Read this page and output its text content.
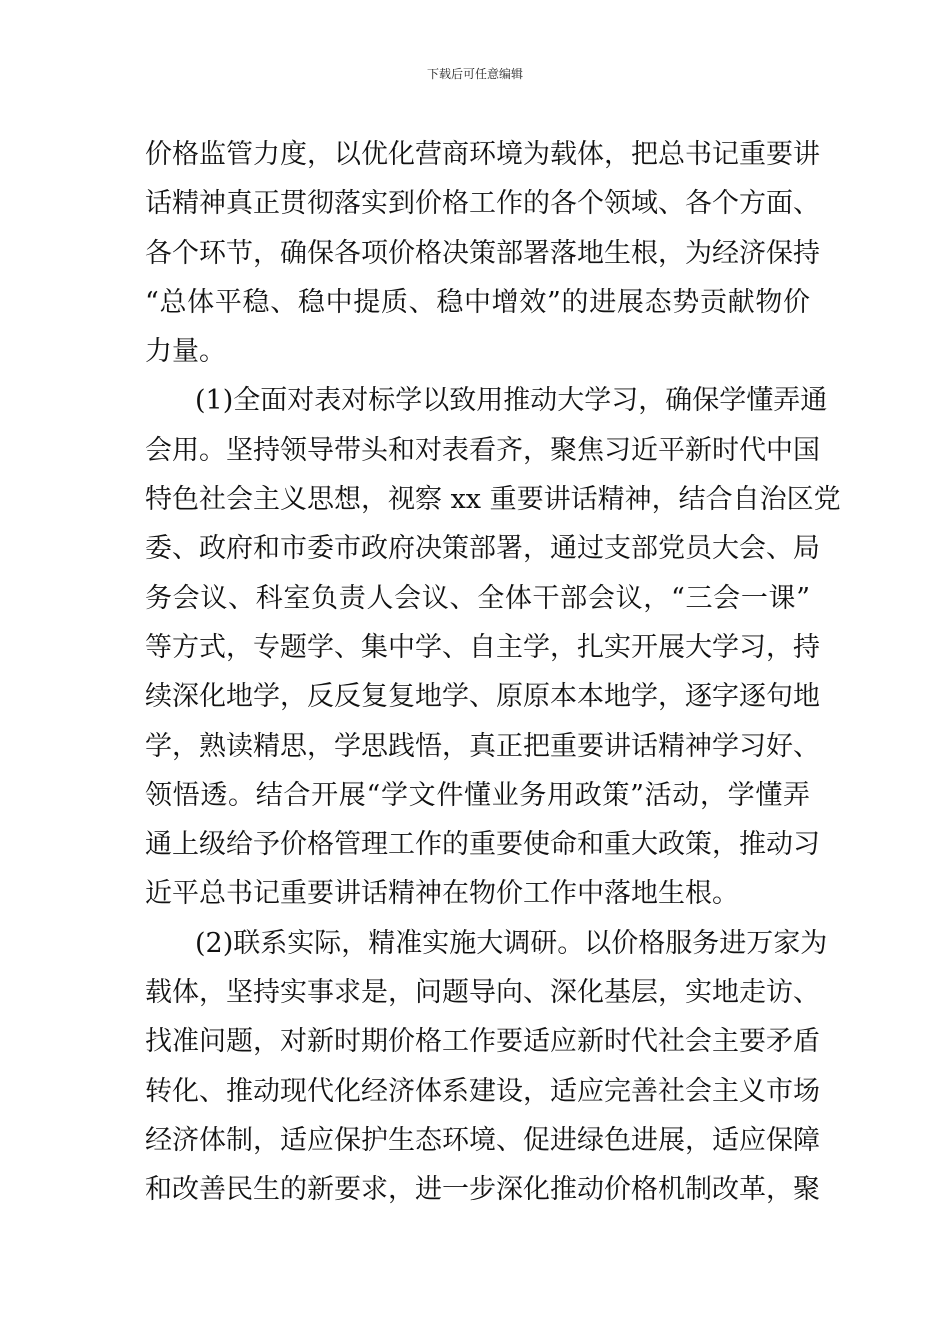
下载后可任意编辑
价格监管力度，以优化营商环境为载体，把总书记重要讲
话精神真正贯彻落实到价格工作的各个领域、各个方面、
各个环节，确保各项价格决策部署落地生根，为经济保持
“总体平稳、稳中提质、稳中增效”的进展态势贡献物价
力量。
(1)全面对表对标学以致用推动大学习，确保学懂弄通
会用。坚持领导带头和对表看齐，聚焦习近平新时代中国
特色社会主义思想，视察 xx 重要讲话精神，结合自治区党
委、政府和市委市政府决策部署，通过支部党员大会、局
务会议、科室负责人会议、全体干部会议，“三会一课”
等方式，专题学、集中学、自主学，扎实开展大学习，持
续深化地学，反反复复地学、原原本本地学，逐字逐句地
学，熟读精思，学思践悟，真正把重要讲话精神学习好、
领悟透。结合开展“学文件懂业务用政策”活动，学懂弄
通上级给予价格管理工作的重要使命和重大政策，推动习
近平总书记重要讲话精神在物价工作中落地生根。
(2)联系实际，精准实施大调研。以价格服务进万家为
载体，坚持实事求是，问题导向、深化基层，实地走访、
找准问题，对新时期价格工作要适应新时代社会主要矛盾
转化、推动现代化经济体系建设，适应完善社会主义市场
经济体制，适应保护生态环境、促进绿色进展，适应保障
和改善民生的新要求，进一步深化推动价格机制改革，聚
